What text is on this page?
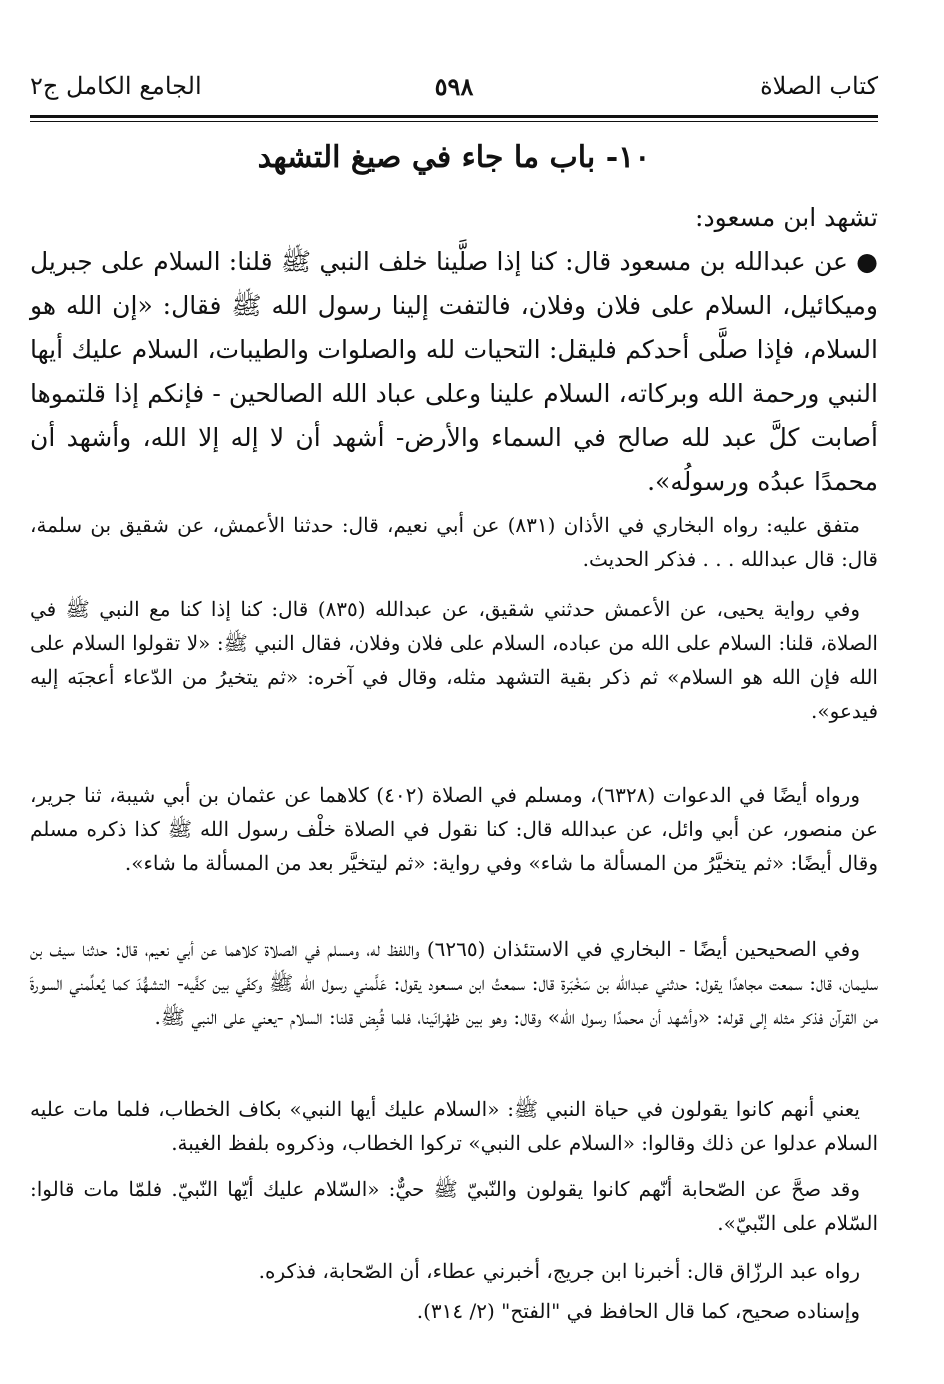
كتاب الصلاة
٥٩٨
الجامع الكامل ج٢
١٠- باب ما جاء في صيغ التشهد
تشهد ابن مسعود:
● عن عبدالله بن مسعود قال: كنا إذا صلَّينا خلف النبي ﷺ قلنا: السلام على جبريل وميكائيل، السلام على فلان وفلان، فالتفت إلينا رسول الله ﷺ فقال: «إن الله هو السلام، فإذا صلَّى أحدكم فليقل: التحيات لله والصلوات والطيبات، السلام عليك أيها النبي ورحمة الله وبركاته، السلام علينا وعلى عباد الله الصالحين - فإنكم إذا قلتموها أصابت كلَّ عبد لله صالح في السماء والأرض- أشهد أن لا إله إلا الله، وأشهد أن محمدًا عبدُه ورسولُه».
متفق عليه: رواه البخاري في الأذان (٨٣١) عن أبي نعيم، قال: حدثنا الأعمش، عن شقيق بن سلمة، قال: قال عبدالله . . . فذكر الحديث.
وفي رواية يحيى، عن الأعمش حدثني شقيق، عن عبدالله (٨٣٥) قال: كنا إذا كنا مع النبي ﷺ في الصلاة، قلنا: السلام على الله من عباده، السلام على فلان وفلان، فقال النبي ﷺ: «لا تقولوا السلام على الله فإن الله هو السلام» ثم ذكر بقية التشهد مثله، وقال في آخره: «ثم يتخيرُ من الدّعاء أعجبَه إليه فيدعو».
ورواه أيضًا في الدعوات (٦٣٢٨)، ومسلم في الصلاة (٤٠٢) كلاهما عن عثمان بن أبي شيبة، ثنا جرير، عن منصور، عن أبي وائل، عن عبدالله قال: كنا نقول في الصلاة خلْف رسول الله ﷺ كذا ذكره مسلم وقال أيضًا: «ثم يتخيَّرُ من المسألة ما شاء» وفي رواية: «ثم ليتخيَّر بعد من المسألة ما شاء».
وفي الصحيحين أيضًا - البخاري في الاستئذان (٦٢٦٥) واللفظ له، ومسلم في الصلاة كلاهما عن أبي نعيم، قال: حدثنا سيف بن سليمان، قال: سمعت مجاهدًا يقول: حدثني عبدالله بن سَخْبَرة قال: سمعتُ ابن مسعود يقول: عَلَّمني رسول الله ﷺ وكفّي بين كفَّيه- التشهُّدَ كما يُعلِّمني السورةَ من القرآن فذكر مثله إلى قوله: «وأشهد أن محمدًا رسول الله» وقال: وهو بين ظهْرانَينا، فلما قُبِض قلنا: السلام -يعني على النبي ﷺ.
يعني أنهم كانوا يقولون في حياة النبي ﷺ: «السلام عليك أيها النبي» بكاف الخطاب، فلما مات عليه السلام عدلوا عن ذلك وقالوا: «السلام على النبي» تركوا الخطاب، وذكروه بلفظ الغيبة.
وقد صحَّ عن الصّحابة أنّهم كانوا يقولون والنّبيّ ﷺ حيٌّ: «السّلام عليك أيّها النّبيّ. فلمّا مات قالوا: السّلام على النّبيّ».
رواه عبد الرزّاق قال: أخبرنا ابن جريج، أخبرني عطاء، أن الصّحابة، فذكره.
وإسناده صحيح، كما قال الحافظ في "الفتح" (٢/ ٣١٤).
